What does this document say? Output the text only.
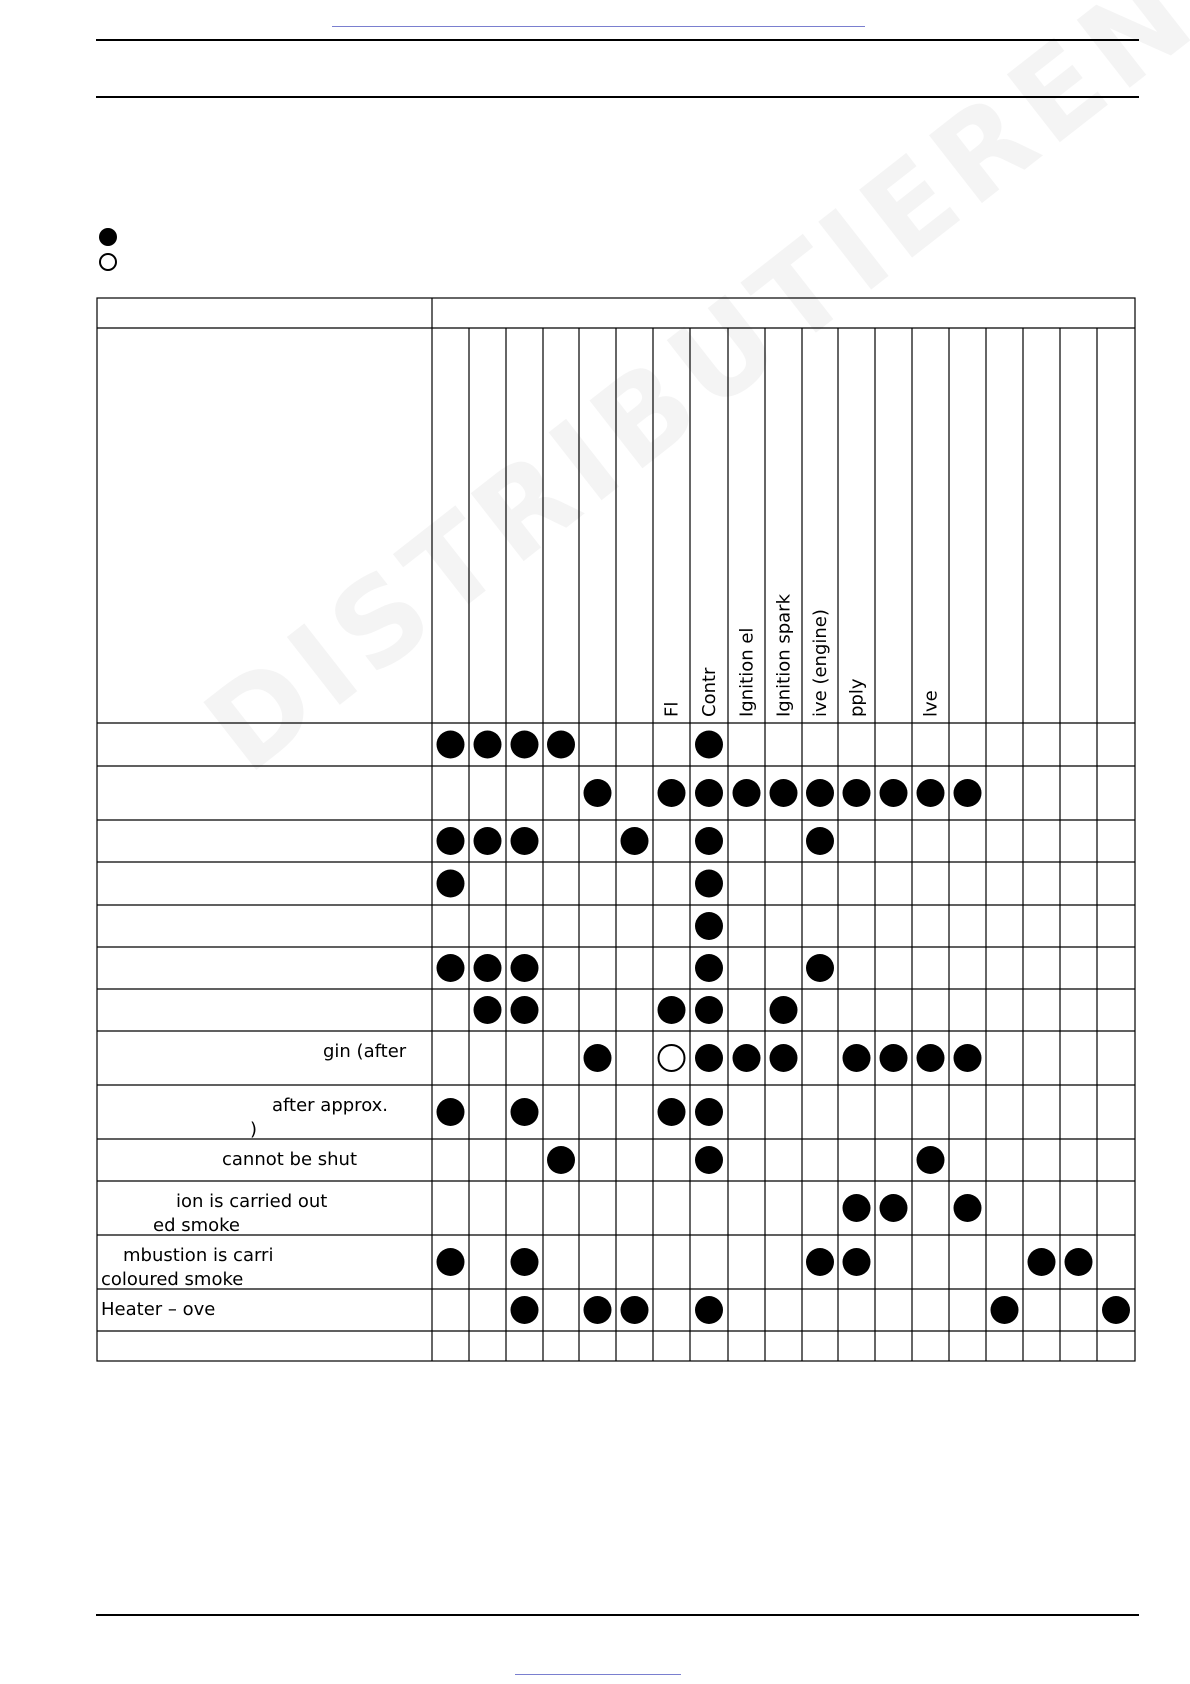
Fl Contr Ignition el Ignition spark ive (engine) pply	lve
gin (after
after approx.
)
cannot be shut
ion is carried out
ed smoke
mbustion is carri
coloured smoke
Heater – ove
